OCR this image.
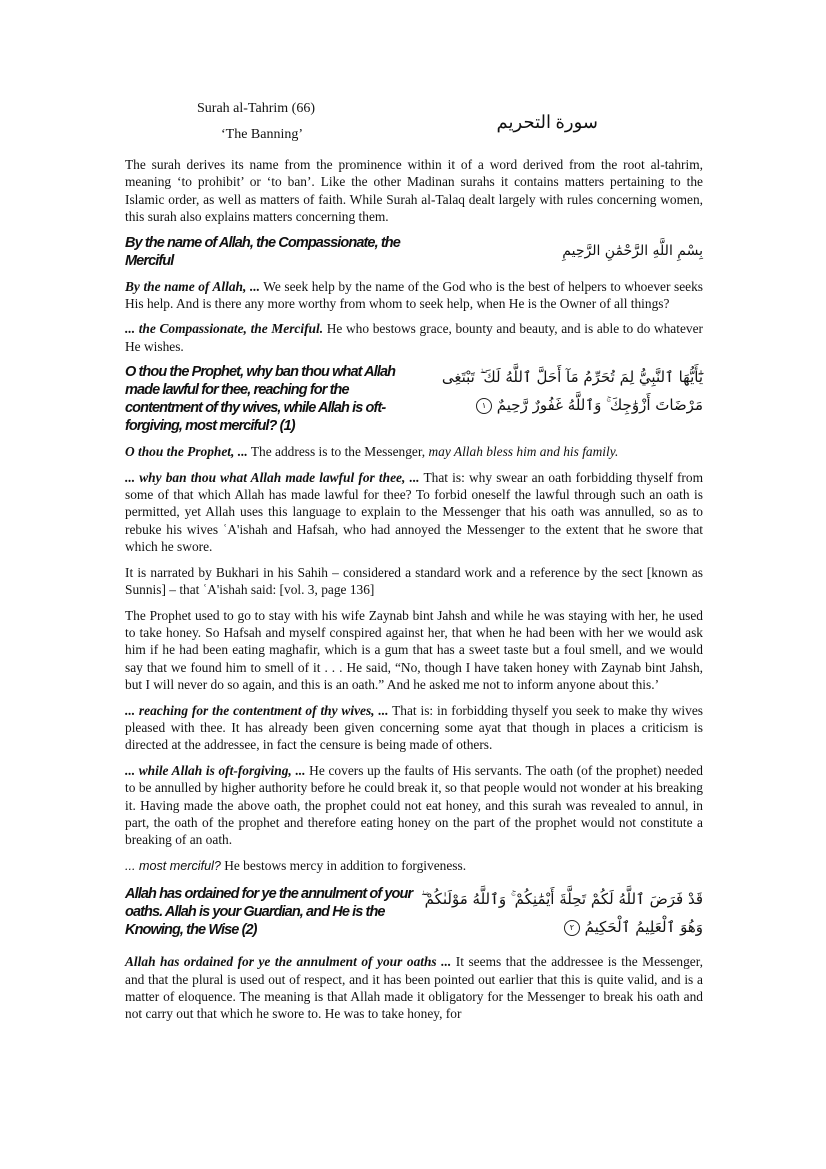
Surah al-Tahrim (66)
‘The Banning’
سورة التحريم

The surah derives its name from the prominence within it of a word derived from the root al-tahrim, meaning ‘to prohibit’ or ‘to ban’. Like the other Madinan surahs it contains matters pertaining to the Islamic order, as well as matters of faith. While Surah al-Talaq dealt largely with rules concerning women, this surah also explains matters concerning them.

By the name of Allah, the Compassionate, the Merciful
بِسْمِ اللَّهِ الرَّحْمَٰنِ الرَّحِيمِ

By the name of Allah, ... We seek help by the name of the God who is the best of helpers to whoever seeks His help. And is there any more worthy from whom to seek help, when He is the Owner of all things?

... the Compassionate, the Merciful. He who bestows grace, bounty and beauty, and is able to do whatever He wishes.

O thou the Prophet, why ban thou what Allah made lawful for thee, reaching for the contentment of thy wives, while Allah is oft-forgiving, most merciful? (1)
يَٰٓأَيُّهَا ٱلنَّبِيُّ لِمَ تُحَرِّمُ مَآ أَحَلَّ ٱللَّهُ لَكَ ۖ تَبْتَغِى مَرْضَاتَ أَزْوَٰجِكَ ۚ وَٱللَّهُ غَفُورٌ رَّحِيمٌ ١

O thou the Prophet, ... The address is to the Messenger, may Allah bless him and his family.

... why ban thou what Allah made lawful for thee, ... That is: why swear an oath forbidding thyself from some of that which Allah has made lawful for thee? To forbid oneself the lawful through such an oath is permitted, yet Allah uses this language to explain to the Messenger that his oath was annulled, so as to rebuke his wives ʿA'ishah and Hafsah, who had annoyed the Messenger to the extent that he swore that which he swore.

It is narrated by Bukhari in his Sahih – considered a standard work and a reference by the sect [known as Sunnis] – that ʿA'ishah said: [vol. 3, page 136]

The Prophet used to go to stay with his wife Zaynab bint Jahsh and while he was staying with her, he used to take honey. So Hafsah and myself conspired against her, that when he had been with her we would ask him if he had been eating maghafir, which is a gum that has a sweet taste but a foul smell, and we would say that we found him to smell of it . . . He said, “No, though I have taken honey with Zaynab bint Jahsh, but I will never do so again, and this is an oath.” And he asked me not to inform anyone about this.’

... reaching for the contentment of thy wives, ... That is: in forbidding thyself you seek to make thy wives pleased with thee. It has already been given concerning some ayat that though in places a criticism is directed at the addressee, in fact the censure is being made of others.

... while Allah is oft-forgiving, ... He covers up the faults of His servants. The oath (of the prophet) needed to be annulled by higher authority before he could break it, so that people would not wonder at his breaking it. Having made the above oath, the prophet could not eat honey, and this surah was revealed to annul, in part, the oath of the prophet and therefore eating honey on the part of the prophet would not constitute a breaking of an oath.

... most merciful? He bestows mercy in addition to forgiveness.

Allah has ordained for ye the annulment of your oaths. Allah is your Guardian, and He is the Knowing, the Wise (2)
قَدْ فَرَضَ ٱللَّهُ لَكُمْ تَحِلَّةَ أَيْمَٰنِكُمْ ۚ وَٱللَّهُ مَوْلَىٰكُمْ ۖ وَهُوَ ٱلْعَلِيمُ ٱلْحَكِيمُ ٢

Allah has ordained for ye the annulment of your oaths ... It seems that the addressee is the Messenger, and that the plural is used out of respect, and it has been pointed out earlier that this is quite valid, and is a matter of eloquence. The meaning is that Allah made it obligatory for the Messenger to break his oath and not carry out that which he swore to. He was to take honey, for
